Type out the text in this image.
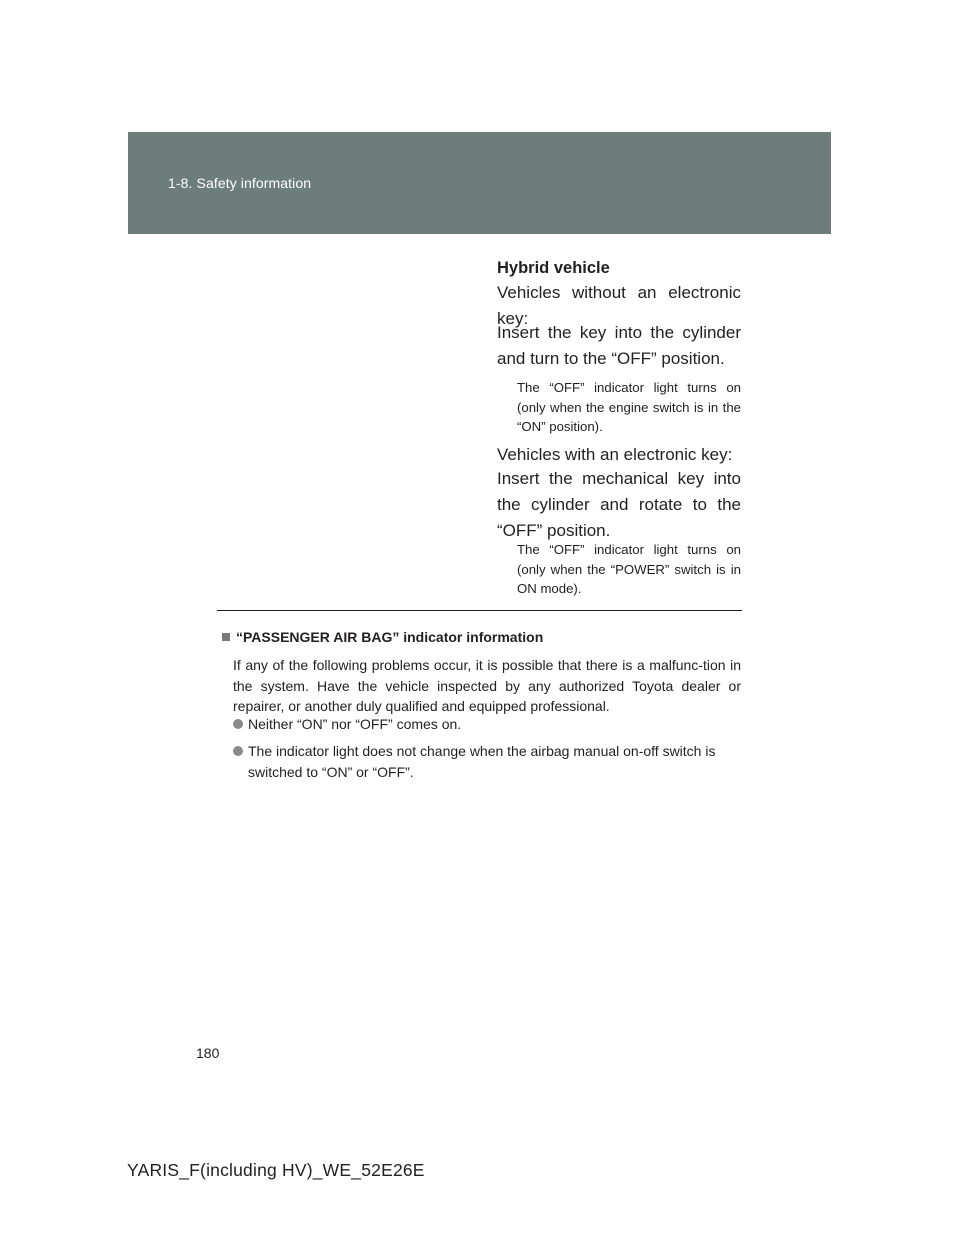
1-8. Safety information
Hybrid vehicle
Vehicles without an electronic key:
Insert the key into the cylinder and turn to the “OFF” position.
The “OFF” indicator light turns on (only when the engine switch is in the “ON” position).
Vehicles with an electronic key:
Insert the mechanical key into the cylinder and rotate to the “OFF” position.
The “OFF” indicator light turns on (only when the “POWER” switch is in ON mode).
“PASSENGER AIR BAG” indicator information
If any of the following problems occur, it is possible that there is a malfunc-tion in the system. Have the vehicle inspected by any authorized Toyota dealer or repairer, or another duly qualified and equipped professional.
Neither “ON” nor “OFF” comes on.
The indicator light does not change when the airbag manual on-off switch is switched to “ON” or “OFF”.
180
YARIS_F(including HV)_WE_52E26E
